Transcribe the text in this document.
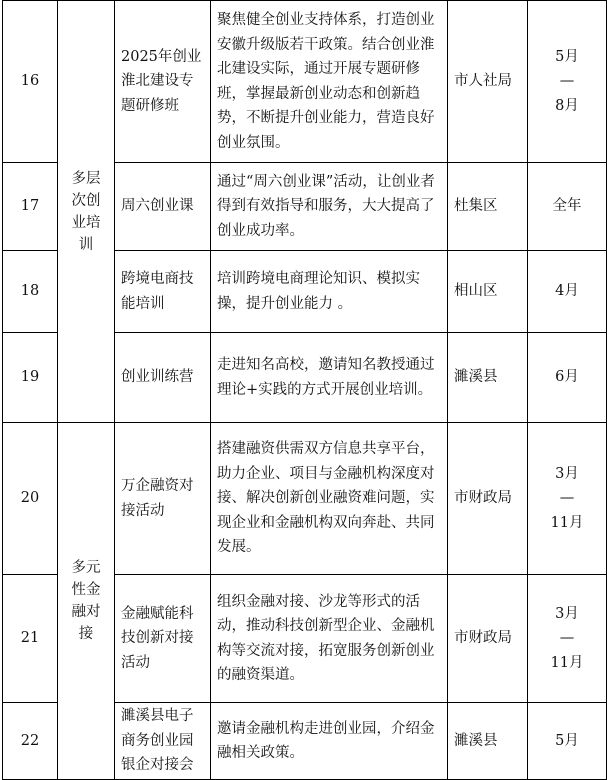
16	多层次创业培训	2025年创业淮北建设专题研修班	聚焦健全创业支持体系，打造创业安徽升级版若干政策。结合创业淮北建设实际，通过开展专题研修班，掌握最新创业动态和创新趋势，不断提升创业能力，营造良好创业氛围。	市人社局	5月
—
8月

17		周六创业课	通过“周六创业课”活动，让创业者得到有效指导和服务，大大提高了创业成功率。	杜集区	全年

18		跨境电商技能培训	培训跨境电商理论知识、模拟实操，提升创业能力 。	相山区	4月

19		创业训练营	走进知名高校，邀请知名教授通过理论+实践的方式开展创业培训。	濉溪县	6月

20	多元性金融对接	万企融资对接活动	搭建融资供需双方信息共享平台，助力企业、项目与金融机构深度对接、解决创新创业融资难问题，实现企业和金融机构双向奔赴、共同发展。	市财政局	3月
—
11月

21		金融赋能科技创新对接活动	组织金融对接、沙龙等形式的活动，推动科技创新型企业、金融机构等交流对接，拓宽服务创新创业的融资渠道。	市财政局	3月
—
11月

22		濉溪县电子商务创业园银企对接会	邀请金融机构走进创业园，介绍金融相关政策。	濉溪县	5月
